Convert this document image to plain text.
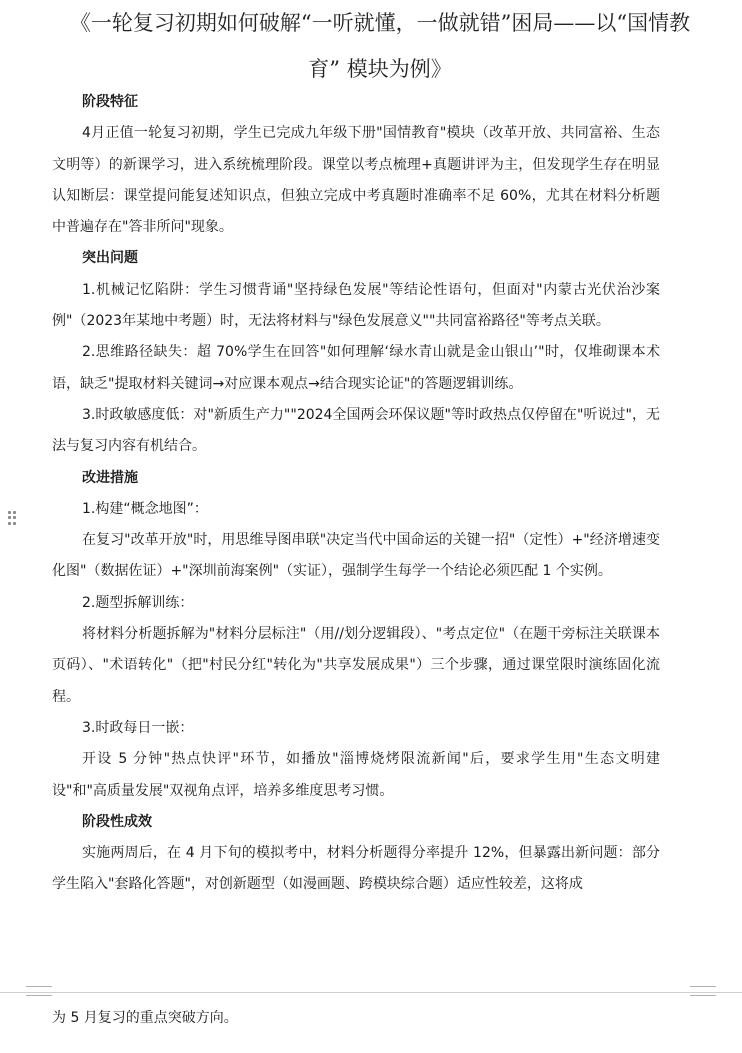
《一轮复习初期如何破解“一听就懂，一做就错”困局——以“国情教育” 模块为例》

阶段特征

4月正值一轮复习初期，学生已完成九年级下册"国情教育"模块（改革开放、共同富裕、生态文明等）的新课学习，进入系统梳理阶段。课堂以考点梳理+真题讲评为主，但发现学生存在明显认知断层：课堂提问能复述知识点，但独立完成中考真题时准确率不足 60%，尤其在材料分析题中普遍存在"答非所问"现象。

突出问题

1.机械记忆陷阱：学生习惯背诵"坚持绿色发展"等结论性语句，但面对"内蒙古光伏治沙案例"（2023年某地中考题）时，无法将材料与"绿色发展意义""共同富裕路径"等考点关联。

2.思维路径缺失：超 70%学生在回答"如何理解‘绿水青山就是金山银山’"时，仅堆砌课本术语，缺乏"提取材料关键词→对应课本观点→结合现实论证"的答题逻辑训练。

3.时政敏感度低：对"新质生产力""2024全国两会环保议题"等时政热点仅停留在"听说过"，无法与复习内容有机结合。

改进措施

1.构建“概念地图”：

在复习"改革开放"时，用思维导图串联"决定当代中国命运的关键一招"（定性）+"经济增速变化图"（数据佐证）+"深圳前海案例"（实证），强制学生每学一个结论必须匹配 1 个实例。

2.题型拆解训练：

将材料分析题拆解为"材料分层标注"（用//划分逻辑段）、"考点定位"（在题干旁标注关联课本页码）、"术语转化"（把"村民分红"转化为"共享发展成果"）三个步骤，通过课堂限时演练固化流程。

3.时政每日一嵌：

开设 5 分钟"热点快评"环节，如播放"淄博烧烤限流新闻"后，要求学生用"生态文明建设"和"高质量发展"双视角点评，培养多维度思考习惯。

阶段性成效

实施两周后，在 4 月下旬的模拟考中，材料分析题得分率提升 12%，但暴露出新问题：部分学生陷入"套路化答题"，对创新题型（如漫画题、跨模块综合题）适应性较差，这将成

为 5 月复习的重点突破方向。
